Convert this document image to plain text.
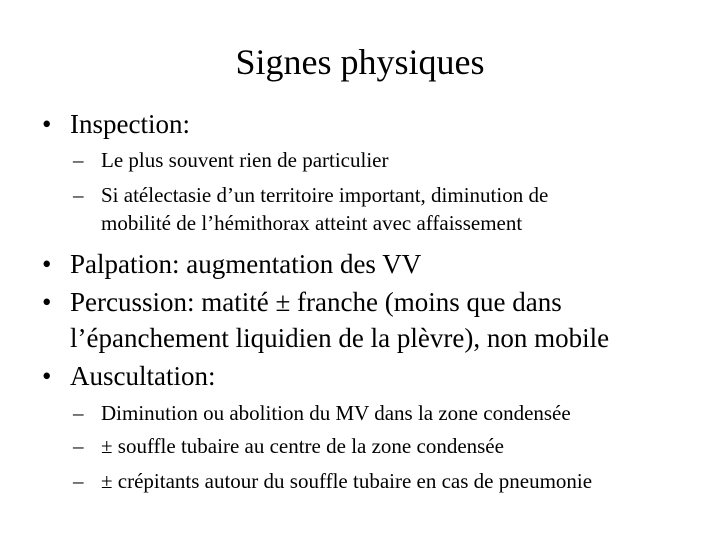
Signes physiques
• Inspection:
– Le plus souvent rien de particulier
– Si atélectasie d’un territoire important, diminution de
mobilité de l’hémithorax atteint avec affaissement
• Palpation: augmentation des VV
• Percussion: matité ± franche (moins que dans
l’épanchement liquidien de la plèvre), non mobile
• Auscultation:
– Diminution ou abolition du MV dans la zone condensée
– ± souffle tubaire au centre de la zone condensée
– ± crépitants autour du souffle tubaire en cas de pneumonie
